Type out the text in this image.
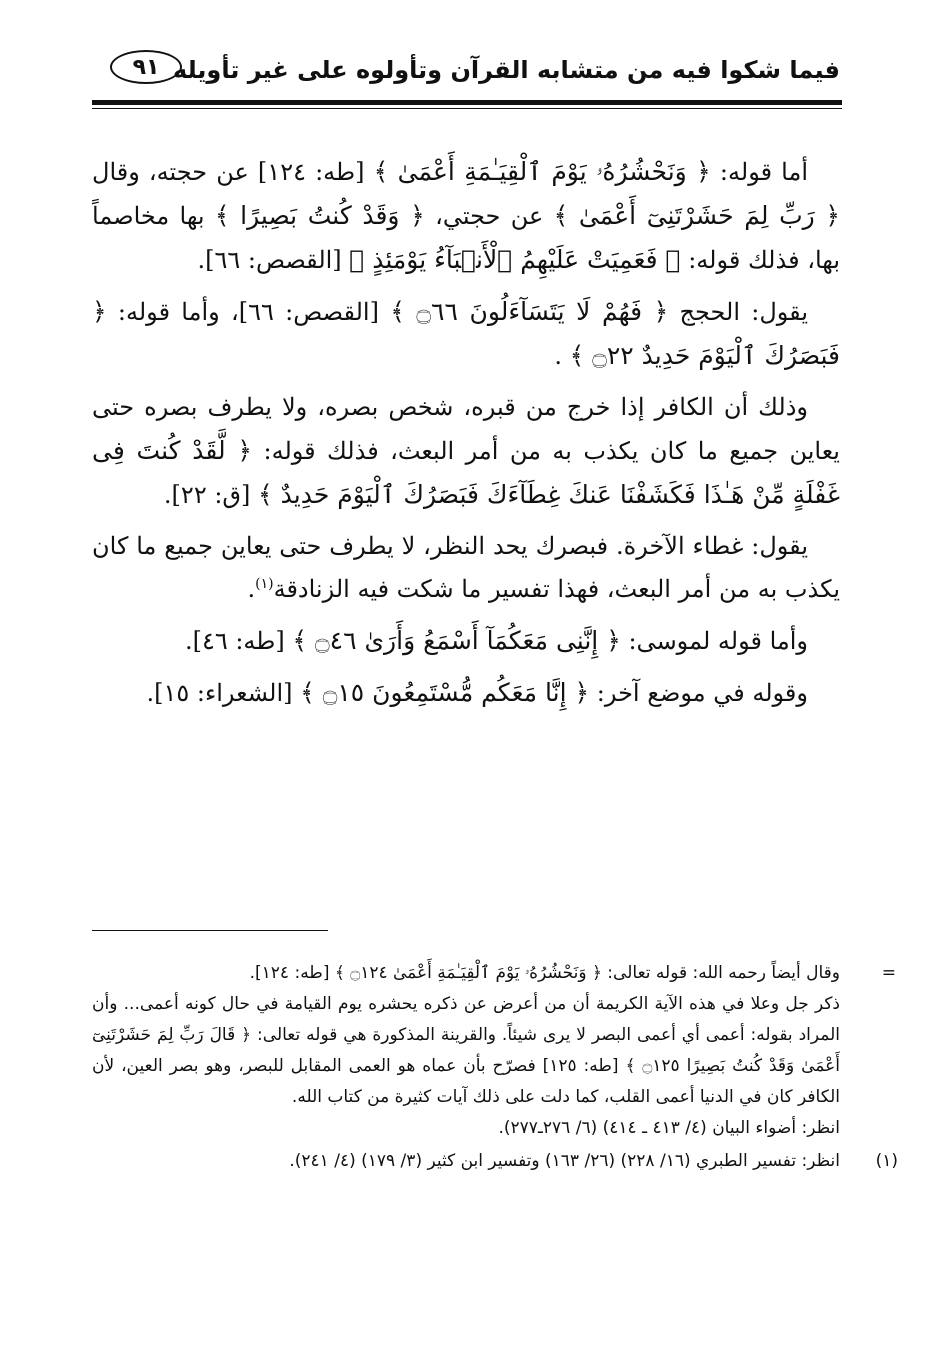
فيما شكوا فيه من متشابه القرآن وتأولوه على غير تأويله
٩١

أما قوله: ﴿ وَنَحْشُرُهُۥ يَوْمَ ٱلْقِيَـٰمَةِ أَعْمَىٰ ﴾ [طه: ١٢٤] عن حجته، وقال ﴿ رَبِّ لِمَ حَشَرْتَنِىٓ أَعْمَىٰ ﴾ عن حجتي، ﴿ وَقَدْ كُنتُ بَصِيرًا ﴾ بها مخاصماً بها، فذلك قوله: ﴿ فَعَمِيَتْ عَلَيْهِمُ ٱلْأَنۢبَآءُ يَوْمَئِذٍ ﴾ [القصص: ٦٦].

يقول: الحجج ﴿ فَهُمْ لَا يَتَسَآءَلُونَ ۝٦٦ ﴾ [القصص: ٦٦]، وأما قوله: ﴿ فَبَصَرُكَ ٱلْيَوْمَ حَدِيدٌ ۝٢٢ ﴾ .

وذلك أن الكافر إذا خرج من قبره، شخص بصره، ولا يطرف بصره حتى يعاين جميع ما كان يكذب به من أمر البعث، فذلك قوله: ﴿ لَّقَدْ كُنتَ فِى غَفْلَةٍ مِّنْ هَـٰذَا فَكَشَفْنَا عَنكَ غِطَآءَكَ فَبَصَرُكَ ٱلْيَوْمَ حَدِيدٌ ﴾ [ق: ٢٢].

يقول: غطاء الآخرة. فبصرك يحد النظر، لا يطرف حتى يعاين جميع ما كان يكذب به من أمر البعث، فهذا تفسير ما شكت فيه الزنادقة$^{(١)}$.

وأما قوله لموسى: ﴿ إِنَّنِى مَعَكُمَآ أَسْمَعُ وَأَرَىٰ ۝٤٦ ﴾ [طه: ٤٦].

وقوله في موضع آخر: ﴿ إِنَّا مَعَكُم مُّسْتَمِعُونَ ۝١٥ ﴾ [الشعراء: ١٥].

=

وقال أيضاً رحمه الله: قوله تعالى: ﴿ وَنَحْشُرُهُۥ يَوْمَ ٱلْقِيَـٰمَةِ أَعْمَىٰ ۝١٢٤ ﴾ [طه: ١٢٤].

ذكر جل وعلا في هذه الآية الكريمة أن من أعرض عن ذكره يحشره يوم القيامة في حال كونه أعمى... وأن المراد بقوله: أعمى أي أعمى البصر لا يرى شيئاً. والقرينة المذكورة هي قوله تعالى: ﴿ قَالَ رَبِّ لِمَ حَشَرْتَنِىٓ أَعْمَىٰ وَقَدْ كُنتُ بَصِيرًا ۝١٢٥ ﴾ [طه: ١٢٥] فصرّح بأن عماه هو العمى المقابل للبصر، وهو بصر العين، لأن الكافر كان في الدنيا أعمى القلب، كما دلت على ذلك آيات كثيرة من كتاب الله.

انظر: أضواء البيان (٤/ ٤١٣ ـ ٤١٤) (٦/ ٢٧٦ـ٢٧٧).

(١)

انظر: تفسير الطبري (١٦/ ٢٢٨) (٢٦/ ١٦٣) وتفسير ابن كثير (٣/ ١٧٩) (٤/ ٢٤١).
